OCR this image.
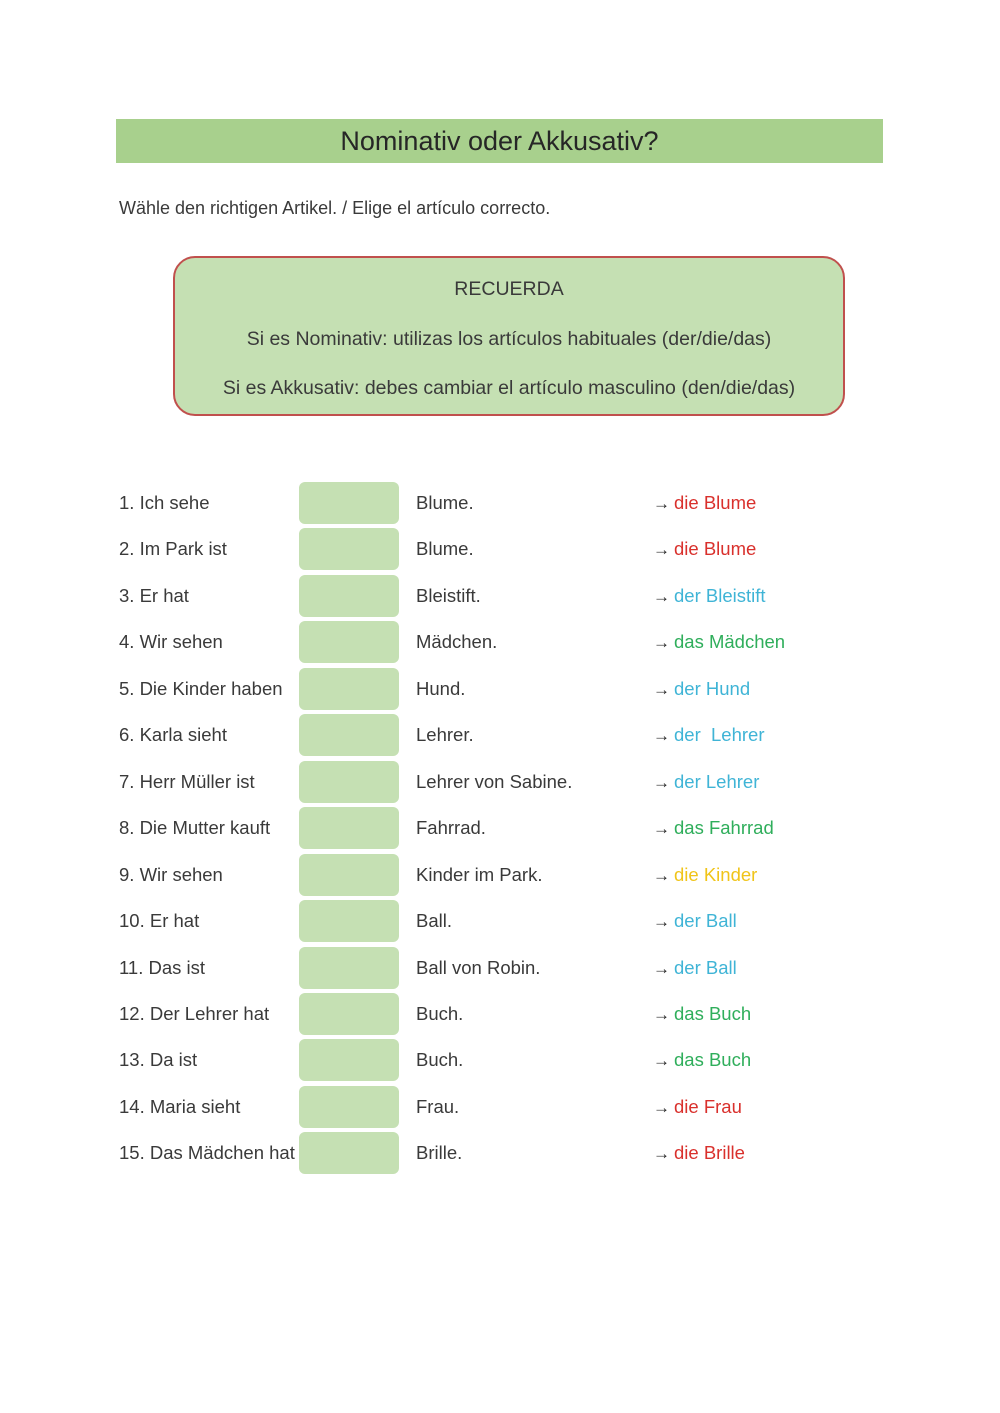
Nominativ oder Akkusativ?
Wähle den richtigen Artikel. / Elige el artículo correcto.
RECUERDA
Si es Nominativ: utilizas los artículos habituales (der/die/das)
Si es Akkusativ: debes cambiar el artículo masculino (den/die/das)
1. Ich sehe	Blume.	→ die Blume
2. Im Park ist	Blume.	→ die Blume
3. Er hat	Bleistift.	→ der Bleistift
4. Wir sehen	Mädchen.	→ das Mädchen
5. Die Kinder haben	Hund.	→ der Hund
6. Karla sieht	Lehrer.	→ der  Lehrer
7. Herr Müller ist	Lehrer von Sabine.	→ der Lehrer
8. Die Mutter kauft	Fahrrad.	→ das Fahrrad
9. Wir sehen	Kinder im Park.	→ die Kinder
10. Er hat	Ball.	→ der Ball
11. Das ist	Ball von Robin.	→ der Ball
12. Der Lehrer hat	Buch.	→ das Buch
13. Da ist	Buch.	→ das Buch
14. Maria sieht	Frau.	→ die Frau
15. Das Mädchen hat	Brille.	→ die Brille
